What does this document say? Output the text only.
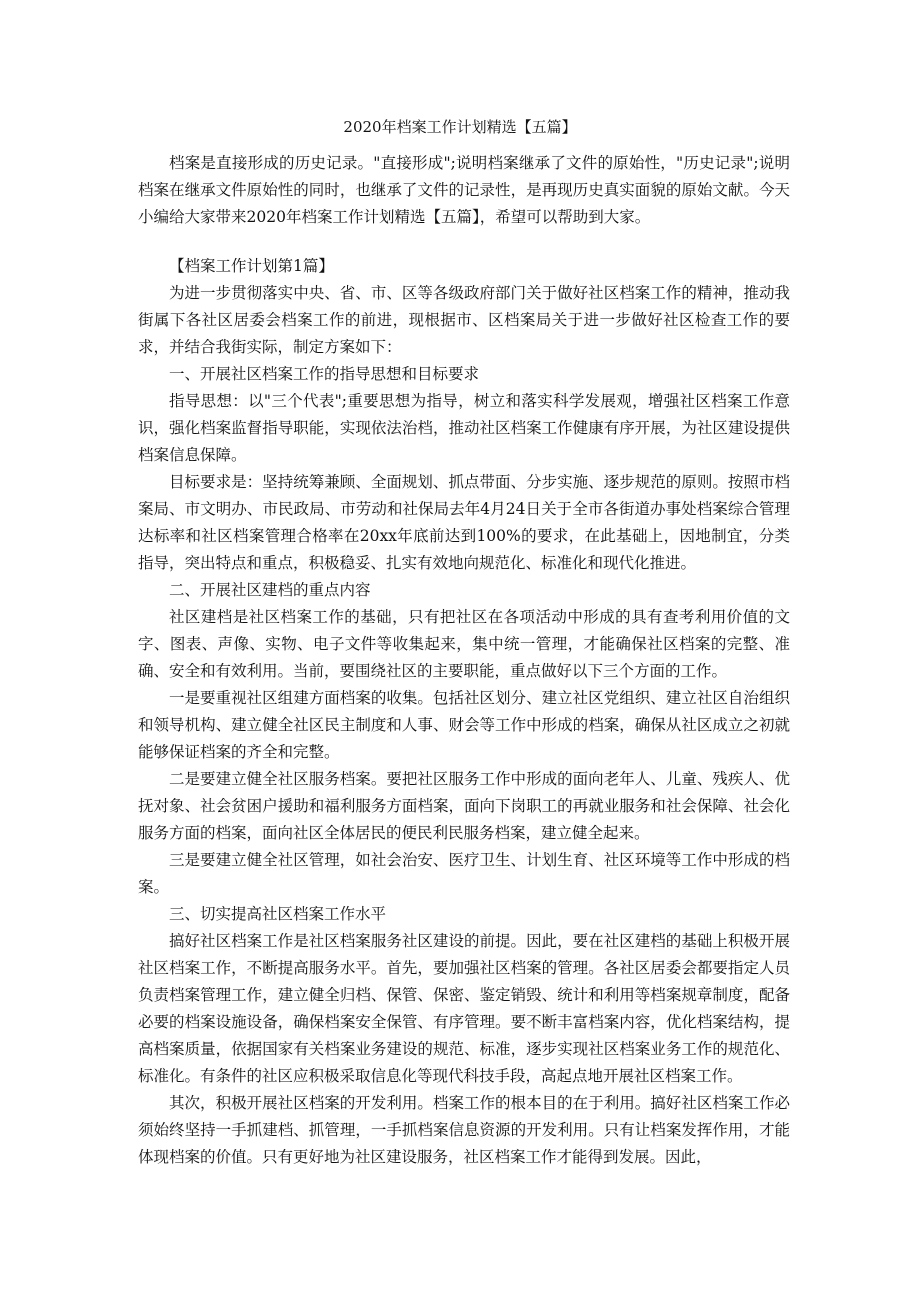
2020年档案工作计划精选【五篇】

档案是直接形成的历史记录。"直接形成";说明档案继承了文件的原始性，"历史记录";说明档案在继承文件原始性的同时，也继承了文件的记录性，是再现历史真实面貌的原始文献。今天小编给大家带来2020年档案工作计划精选【五篇】，希望可以帮助到大家。

【档案工作计划第1篇】

为进一步贯彻落实中央、省、市、区等各级政府部门关于做好社区档案工作的精神，推动我街属下各社区居委会档案工作的前进，现根据市、区档案局关于进一步做好社区检查工作的要求，并结合我街实际，制定方案如下：

一、开展社区档案工作的指导思想和目标要求

指导思想：以"三个代表";重要思想为指导，树立和落实科学发展观，增强社区档案工作意识，强化档案监督指导职能，实现依法治档，推动社区档案工作健康有序开展，为社区建设提供档案信息保障。

目标要求是：坚持统筹兼顾、全面规划、抓点带面、分步实施、逐步规范的原则。按照市档案局、市文明办、市民政局、市劳动和社保局去年4月24日关于全市各街道办事处档案综合管理达标率和社区档案管理合格率在20xx年底前达到100%的要求，在此基础上，因地制宜，分类指导，突出特点和重点，积极稳妥、扎实有效地向规范化、标准化和现代化推进。

二、开展社区建档的重点内容

社区建档是社区档案工作的基础，只有把社区在各项活动中形成的具有查考利用价值的文字、图表、声像、实物、电子文件等收集起来，集中统一管理，才能确保社区档案的完整、准确、安全和有效利用。当前，要围绕社区的主要职能，重点做好以下三个方面的工作。

一是要重视社区组建方面档案的收集。包括社区划分、建立社区党组织、建立社区自治组织和领导机构、建立健全社区民主制度和人事、财会等工作中形成的档案，确保从社区成立之初就能够保证档案的齐全和完整。

二是要建立健全社区服务档案。要把社区服务工作中形成的面向老年人、儿童、残疾人、优抚对象、社会贫困户援助和福利服务方面档案，面向下岗职工的再就业服务和社会保障、社会化服务方面的档案，面向社区全体居民的便民利民服务档案，建立健全起来。

三是要建立健全社区管理，如社会治安、医疗卫生、计划生育、社区环境等工作中形成的档案。

三、切实提高社区档案工作水平

搞好社区档案工作是社区档案服务社区建设的前提。因此，要在社区建档的基础上积极开展社区档案工作，不断提高服务水平。首先，要加强社区档案的管理。各社区居委会都要指定人员负责档案管理工作，建立健全归档、保管、保密、鉴定销毁、统计和利用等档案规章制度，配备必要的档案设施设备，确保档案安全保管、有序管理。要不断丰富档案内容，优化档案结构，提高档案质量，依据国家有关档案业务建设的规范、标准，逐步实现社区档案业务工作的规范化、标准化。有条件的社区应积极采取信息化等现代科技手段，高起点地开展社区档案工作。

其次，积极开展社区档案的开发利用。档案工作的根本目的在于利用。搞好社区档案工作必须始终坚持一手抓建档、抓管理，一手抓档案信息资源的开发利用。只有让档案发挥作用，才能体现档案的价值。只有更好地为社区建设服务，社区档案工作才能得到发展。因此，
